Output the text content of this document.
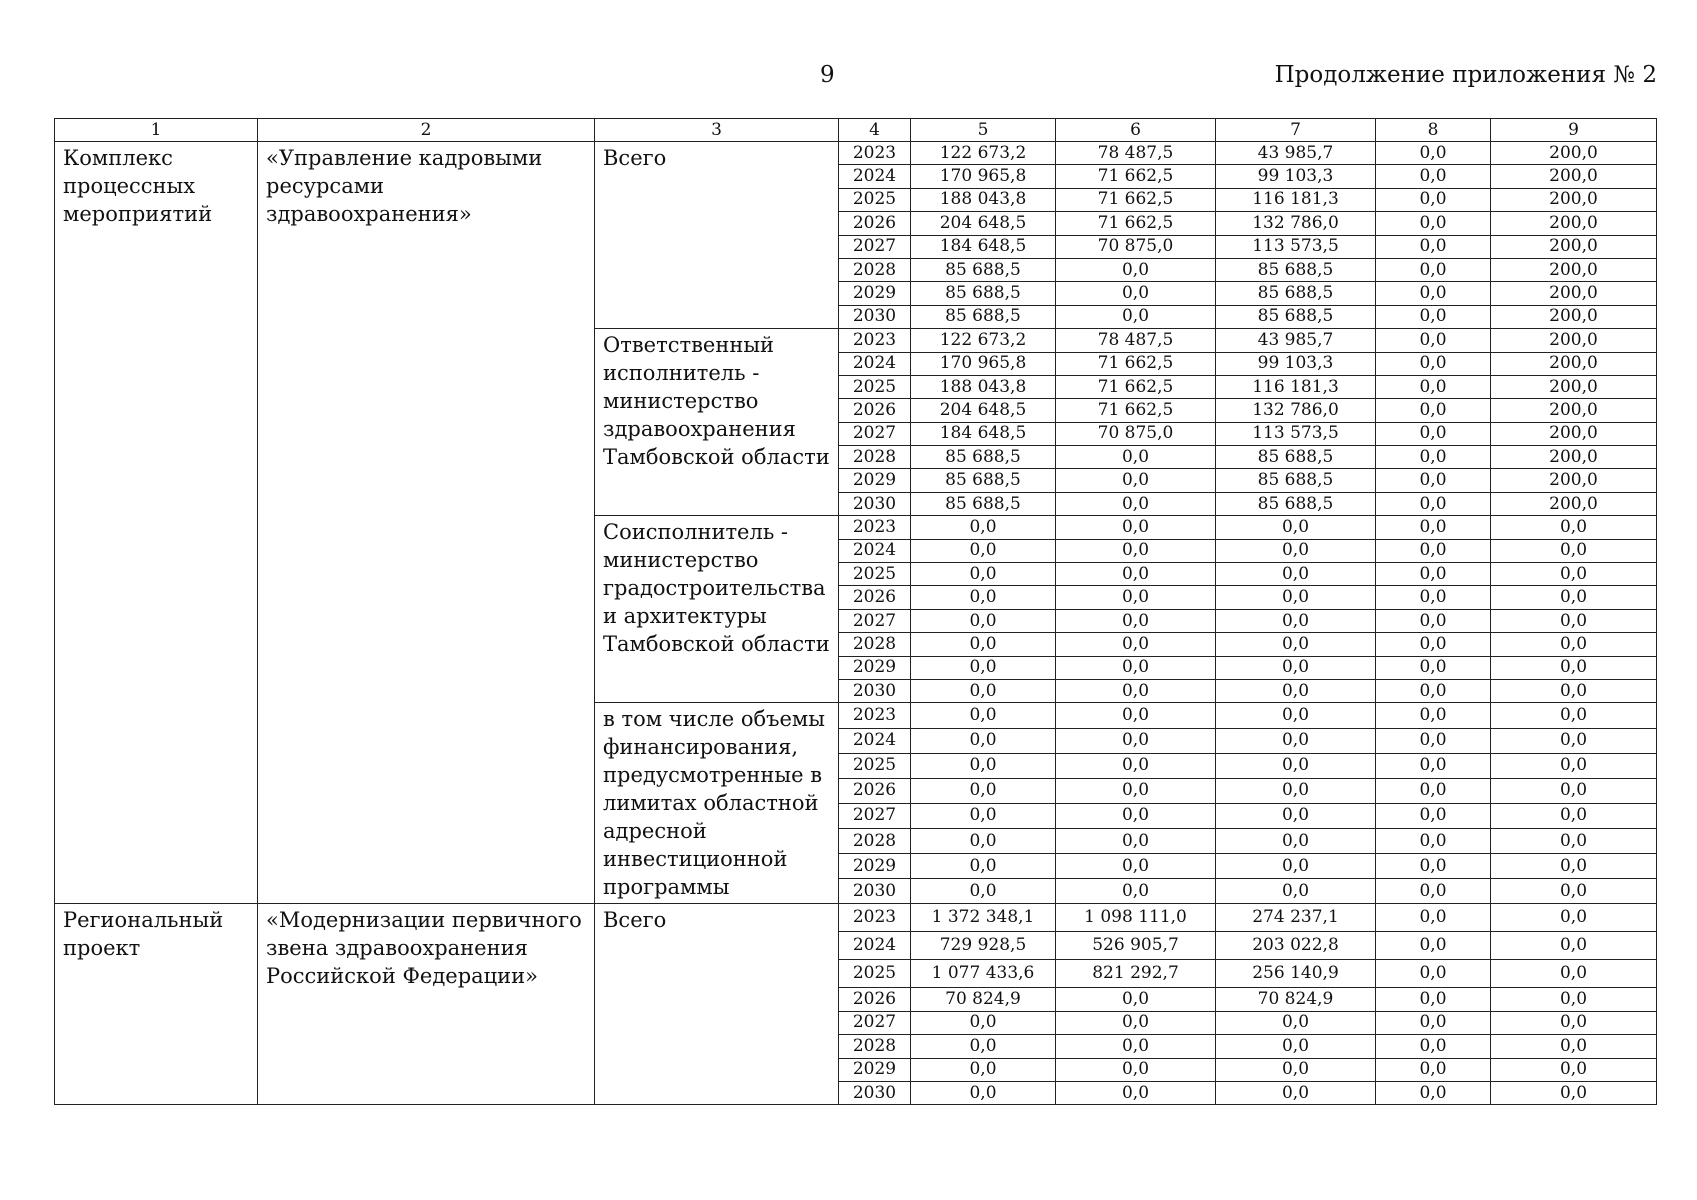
9	Продолжение приложения № 2
1	2	3	4	5	6	7	8	9
Комплекс процессных мероприятий	«Управление кадровыми ресурсами здравоохранения»	Всего	2023	122 673,2	78 487,5	43 985,7	0,0	200,0
			2024	170 965,8	71 662,5	99 103,3	0,0	200,0
			2025	188 043,8	71 662,5	116 181,3	0,0	200,0
			2026	204 648,5	71 662,5	132 786,0	0,0	200,0
			2027	184 648,5	70 875,0	113 573,5	0,0	200,0
			2028	85 688,5	0,0	85 688,5	0,0	200,0
			2029	85 688,5	0,0	85 688,5	0,0	200,0
			2030	85 688,5	0,0	85 688,5	0,0	200,0
		Ответственный исполнитель - министерство здравоохранения Тамбовской области	2023	122 673,2	78 487,5	43 985,7	0,0	200,0
			2024	170 965,8	71 662,5	99 103,3	0,0	200,0
			2025	188 043,8	71 662,5	116 181,3	0,0	200,0
			2026	204 648,5	71 662,5	132 786,0	0,0	200,0
			2027	184 648,5	70 875,0	113 573,5	0,0	200,0
			2028	85 688,5	0,0	85 688,5	0,0	200,0
			2029	85 688,5	0,0	85 688,5	0,0	200,0
			2030	85 688,5	0,0	85 688,5	0,0	200,0
		Соисполнитель - министерство градостроительства и архитектуры Тамбовской области	2023	0,0	0,0	0,0	0,0	0,0
			2024	0,0	0,0	0,0	0,0	0,0
			2025	0,0	0,0	0,0	0,0	0,0
			2026	0,0	0,0	0,0	0,0	0,0
			2027	0,0	0,0	0,0	0,0	0,0
			2028	0,0	0,0	0,0	0,0	0,0
			2029	0,0	0,0	0,0	0,0	0,0
			2030	0,0	0,0	0,0	0,0	0,0
		в том числе объемы финансирования, предусмотренные в лимитах областной адресной инвестиционной программы	2023	0,0	0,0	0,0	0,0	0,0
			2024	0,0	0,0	0,0	0,0	0,0
			2025	0,0	0,0	0,0	0,0	0,0
			2026	0,0	0,0	0,0	0,0	0,0
			2027	0,0	0,0	0,0	0,0	0,0
			2028	0,0	0,0	0,0	0,0	0,0
			2029	0,0	0,0	0,0	0,0	0,0
			2030	0,0	0,0	0,0	0,0	0,0
Региональный проект	«Модернизации первичного звена здравоохранения Российской Федерации»	Всего	2023	1 372 348,1	1 098 111,0	274 237,1	0,0	0,0
			2024	729 928,5	526 905,7	203 022,8	0,0	0,0
			2025	1 077 433,6	821 292,7	256 140,9	0,0	0,0
			2026	70 824,9	0,0	70 824,9	0,0	0,0
			2027	0,0	0,0	0,0	0,0	0,0
			2028	0,0	0,0	0,0	0,0	0,0
			2029	0,0	0,0	0,0	0,0	0,0
			2030	0,0	0,0	0,0	0,0	0,0
